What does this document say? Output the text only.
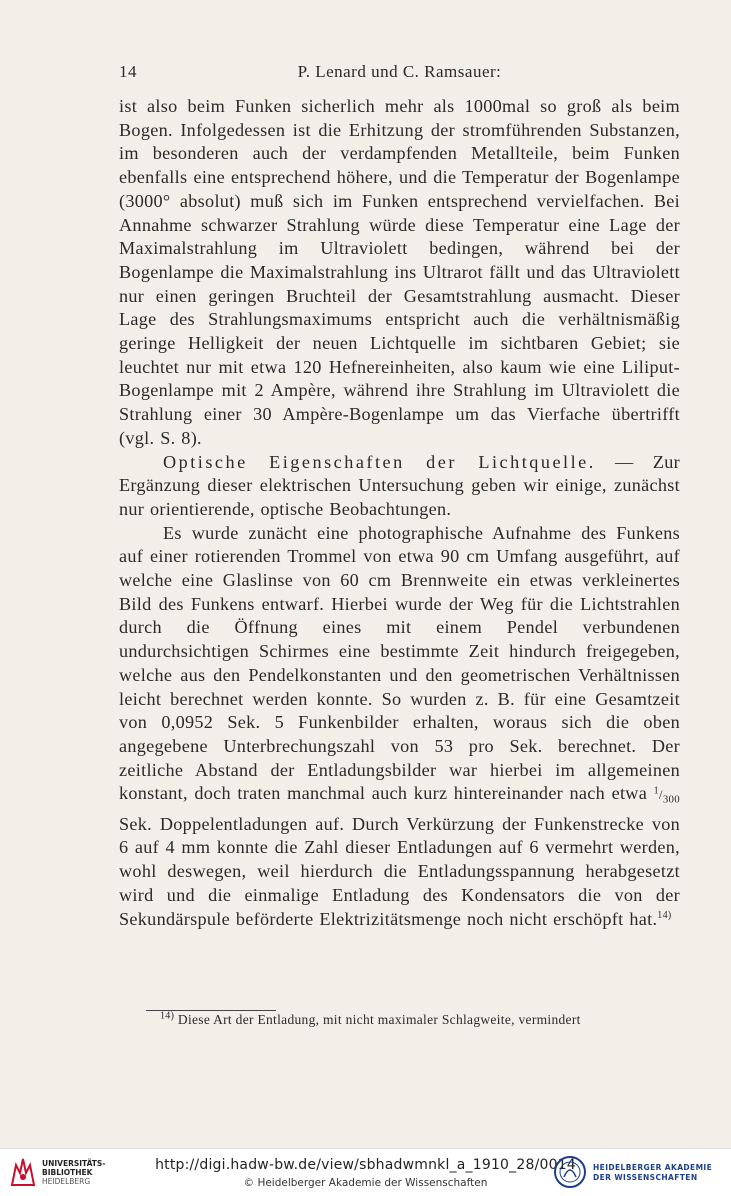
14	P. Lenard und C. Ramsauer:

ist also beim Funken sicherlich mehr als 1000mal so groß als beim Bogen. Infolgedessen ist die Erhitzung der stromführenden Substanzen, im besonderen auch der verdampfenden Metallteile, beim Funken ebenfalls eine entsprechend höhere, und die Temperatur der Bogenlampe (3000° absolut) muß sich im Funken entsprechend vervielfachen. Bei Annahme schwarzer Strahlung würde diese Temperatur eine Lage der Maximalstrahlung im Ultraviolett bedingen, während bei der Bogenlampe die Maximalstrahlung ins Ultrarot fällt und das Ultraviolett nur einen geringen Bruchteil der Gesamtstrahlung ausmacht. Dieser Lage des Strahlungsmaximums entspricht auch die verhältnismäßig geringe Helligkeit der neuen Lichtquelle im sichtbaren Gebiet; sie leuchtet nur mit etwa 120 Hefnereinheiten, also kaum wie eine Liliput-Bogenlampe mit 2 Ampère, während ihre Strahlung im Ultraviolett die Strahlung einer 30 Ampère-Bogenlampe um das Vierfache übertrifft (vgl. S. 8).

Optische Eigenschaften der Lichtquelle. — Zur Ergänzung dieser elektrischen Untersuchung geben wir einige, zunächst nur orientierende, optische Beobachtungen.

Es wurde zunächt eine photographische Aufnahme des Funkens auf einer rotierenden Trommel von etwa 90 cm Umfang ausgeführt, auf welche eine Glaslinse von 60 cm Brennweite ein etwas verkleinertes Bild des Funkens entwarf. Hierbei wurde der Weg für die Lichtstrahlen durch die Öffnung eines mit einem Pendel verbundenen undurchsichtigen Schirmes eine bestimmte Zeit hindurch freigegeben, welche aus den Pendelkonstanten und den geometrischen Verhältnissen leicht berechnet werden konnte. So wurden z. B. für eine Gesamtzeit von 0,0952 Sek. 5 Funkenbilder erhalten, woraus sich die oben angegebene Unterbrechungszahl von 53 pro Sek. berechnet. Der zeitliche Abstand der Entladungsbilder war hierbei im allgemeinen konstant, doch traten manchmal auch kurz hintereinander nach etwa $^1/_{300}$ Sek. Doppelentladungen auf. Durch Verkürzung der Funkenstrecke von 6 auf 4 mm konnte die Zahl dieser Entladungen auf 6 vermehrt werden, wohl deswegen, weil hierdurch die Entladungsspannung herabgesetzt wird und die einmalige Entladung des Kondensators die von der Sekundärspule beförderte Elektrizitätsmenge noch nicht erschöpft hat.$^{14)}$

$^{14)}$ Diese Art der Entladung, mit nicht maximaler Schlagweite, vermindert
UNIVERSITÄTS-
BIBLIOTHEK
HEIDELBERG
http://digi.hadw-bw.de/view/sbhadwmnkl_a_1910_28/0014
© Heidelberger Akademie der Wissenschaften
HEIDELBERGER AKADEMIE
DER WISSENSCHAFTEN
